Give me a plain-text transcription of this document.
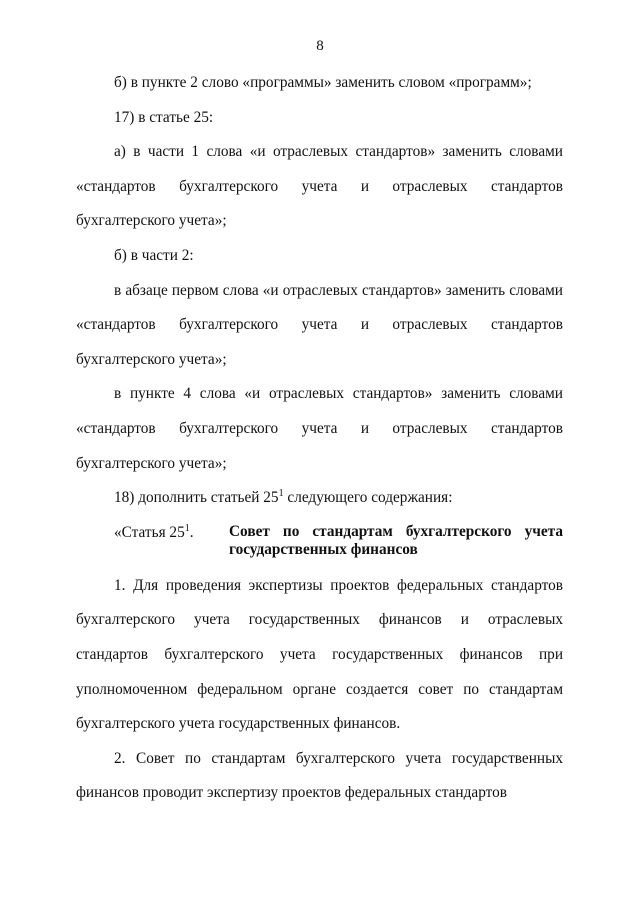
8

б) в пункте 2 слово «программы» заменить словом «программ»;

17) в статье 25:

а) в части 1 слова «и отраслевых стандартов» заменить словами «стандартов бухгалтерского учета и отраслевых стандартов бухгалтерского учета»;

б) в части 2:

в абзаце первом слова «и отраслевых стандартов» заменить словами «стандартов бухгалтерского учета и отраслевых стандартов бухгалтерского учета»;

в пункте 4 слова «и отраслевых стандартов» заменить словами «стандартов бухгалтерского учета и отраслевых стандартов бухгалтерского учета»;

18) дополнить статьей $25^1$ следующего содержания:

«Статья $25^1$.	Совет по стандартам бухгалтерского учета государственных финансов

1. Для проведения экспертизы проектов федеральных стандартов бухгалтерского учета государственных финансов и отраслевых стандартов бухгалтерского учета государственных финансов при уполномоченном федеральном органе создается совет по стандартам бухгалтерского учета государственных финансов.

2. Совет по стандартам бухгалтерского учета государственных финансов проводит экспертизу проектов федеральных стандартов
